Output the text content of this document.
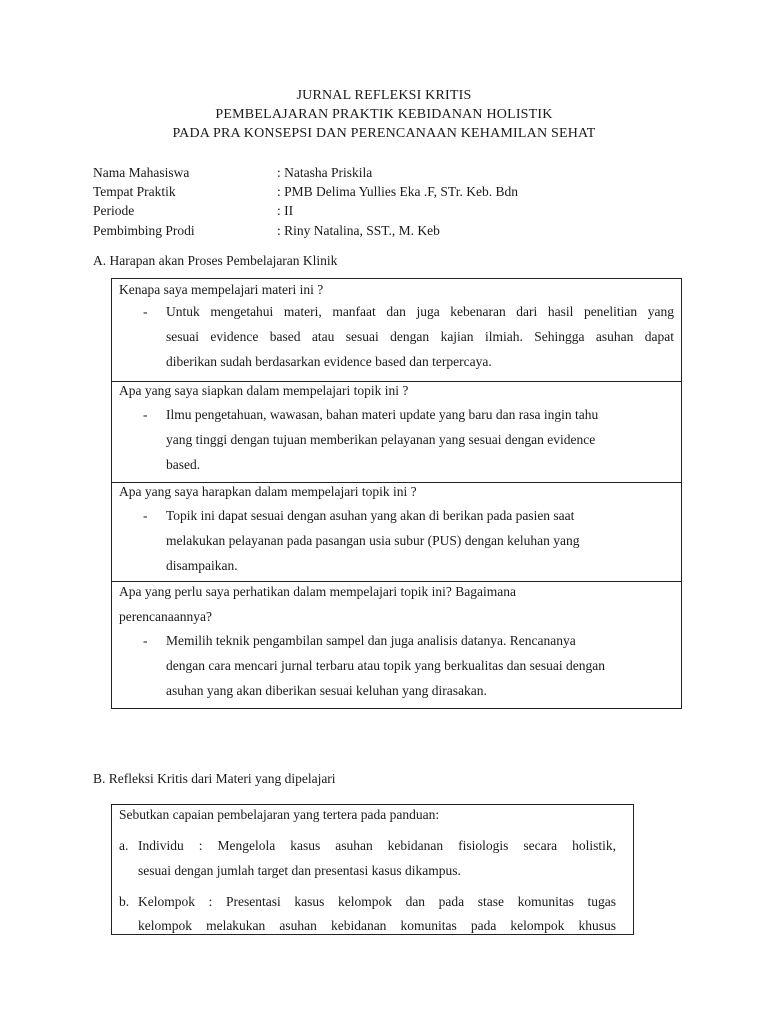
JURNAL REFLEKSI KRITIS
PEMBELAJARAN PRAKTIK KEBIDANAN HOLISTIK
PADA PRA KONSEPSI DAN PERENCANAAN KEHAMILAN SEHAT
Nama Mahasiswa	: Natasha Priskila
Tempat Praktik	: PMB Delima Yullies Eka .F, STr. Keb. Bdn
Periode	: II
Pembimbing Prodi	: Riny Natalina, SST., M. Keb
A. Harapan akan Proses Pembelajaran Klinik
Kenapa saya mempelajari materi ini ?
- Untuk mengetahui materi, manfaat dan juga kebenaran dari hasil penelitian yang
sesuai evidence based atau sesuai dengan kajian ilmiah. Sehingga asuhan dapat
diberikan sudah berdasarkan evidence based dan terpercaya.
Apa yang saya siapkan dalam mempelajari topik ini ?
- Ilmu pengetahuan, wawasan, bahan materi update yang baru dan rasa ingin tahu
yang tinggi dengan tujuan memberikan pelayanan yang sesuai dengan evidence
based.
Apa yang saya harapkan dalam mempelajari topik ini ?
- Topik ini dapat sesuai dengan asuhan yang akan di berikan pada pasien saat
melakukan pelayanan pada pasangan usia subur (PUS) dengan keluhan yang
disampaikan.
Apa yang perlu saya perhatikan dalam mempelajari topik ini? Bagaimana
perencanaannya?
- Memilih teknik pengambilan sampel dan juga analisis datanya. Rencananya
dengan cara mencari jurnal terbaru atau topik yang berkualitas dan sesuai dengan
asuhan yang akan diberikan sesuai keluhan yang dirasakan.
B. Refleksi Kritis dari Materi yang dipelajari
Sebutkan capaian pembelajaran yang tertera pada panduan:
a. Individu : Mengelola kasus asuhan kebidanan fisiologis secara holistik,
sesuai dengan jumlah target dan presentasi kasus dikampus.
b. Kelompok : Presentasi kasus kelompok dan pada stase komunitas tugas
kelompok melakukan asuhan kebidanan komunitas pada kelompok khusus
